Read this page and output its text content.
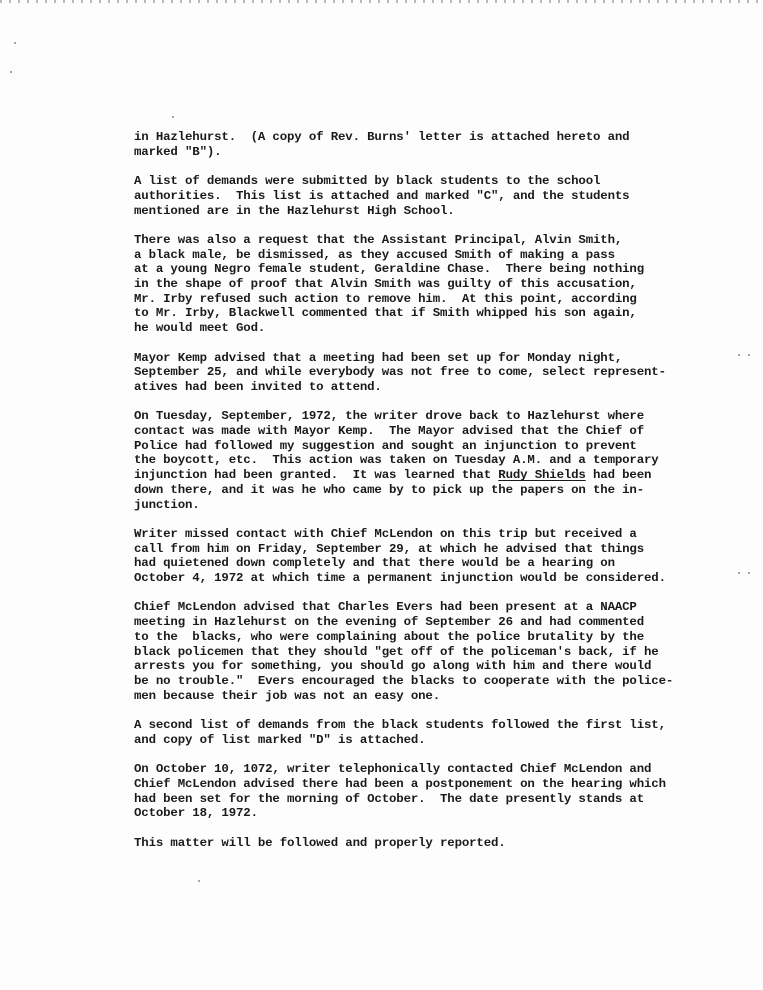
in Hazlehurst.  (A copy of Rev. Burns' letter is attached hereto and
marked "B").

A list of demands were submitted by black students to the school
authorities.  This list is attached and marked "C", and the students
mentioned are in the Hazlehurst High School.

There was also a request that the Assistant Principal, Alvin Smith,
a black male, be dismissed, as they accused Smith of making a pass
at a young Negro female student, Geraldine Chase.  There being nothing
in the shape of proof that Alvin Smith was guilty of this accusation,
Mr. Irby refused such action to remove him.  At this point, according
to Mr. Irby, Blackwell commented that if Smith whipped his son again,
he would meet God.

Mayor Kemp advised that a meeting had been set up for Monday night,
September 25, and while everybody was not free to come, select represent-
atives had been invited to attend.

On Tuesday, September, 1972, the writer drove back to Hazlehurst where
contact was made with Mayor Kemp.  The Mayor advised that the Chief of
Police had followed my suggestion and sought an injunction to prevent
the boycott, etc.  This action was taken on Tuesday A.M. and a temporary
injunction had been granted.  It was learned that Rudy Shields had been
down there, and it was he who came by to pick up the papers on the in-
junction.

Writer missed contact with Chief McLendon on this trip but received a
call from him on Friday, September 29, at which he advised that things
had quietened down completely and that there would be a hearing on
October 4, 1972 at which time a permanent injunction would be considered.

Chief McLendon advised that Charles Evers had been present at a NAACP
meeting in Hazlehurst on the evening of September 26 and had commented
to the  blacks, who were complaining about the police brutality by the
black policemen that they should "get off of the policeman's back, if he
arrests you for something, you should go along with him and there would
be no trouble."  Evers encouraged the blacks to cooperate with the police-
men because their job was not an easy one.

A second list of demands from the black students followed the first list,
and copy of list marked "D" is attached.

On October 10, 1072, writer telephonically contacted Chief McLendon and
Chief McLendon advised there had been a postponement on the hearing which
had been set for the morning of October.  The date presently stands at
October 18, 1972.

This matter will be followed and properly reported.
